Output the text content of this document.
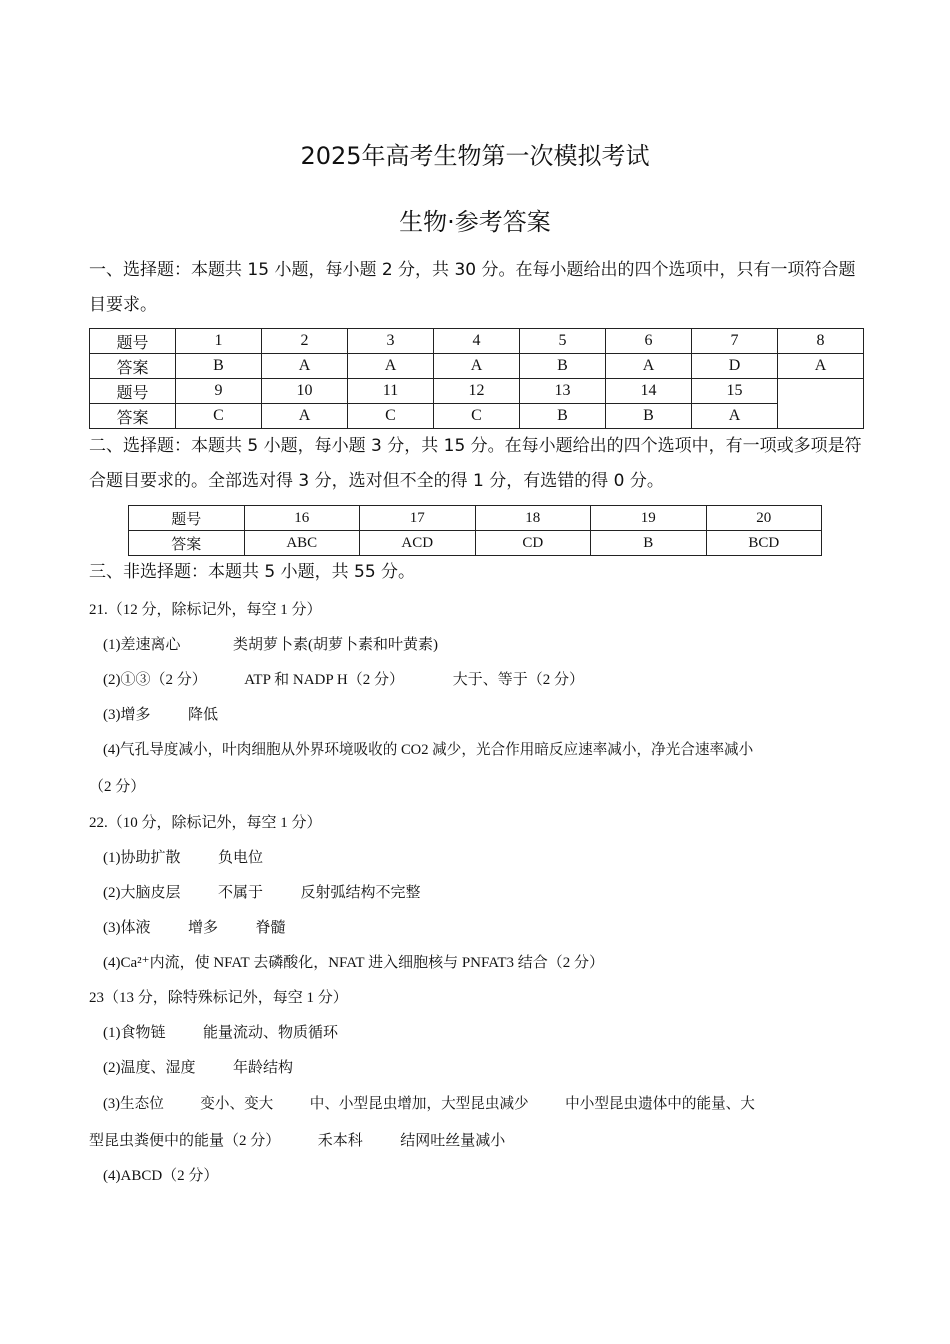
2025年高考生物第一次模拟考试
生物·参考答案
一、选择题：本题共 15 小题，每小题 2 分，共 30 分。在每小题给出的四个选项中，只有一项符合题目要求。
题号	1	2	3	4	5	6	7	8
答案	B	A	A	A	B	A	D	A
题号	9	10	11	12	13	14	15	
答案	C	A	C	C	B	B	A	
二、选择题：本题共 5 小题，每小题 3 分，共 15 分。在每小题给出的四个选项中，有一项或多项是符合题目要求的。全部选对得 3 分，选对但不全的得 1 分，有选错的得 0 分。
题号	16	17	18	19	20
答案	ABC	ACD	CD	B	BCD
三、非选择题：本题共 5 小题，共 55 分。
21.（12 分，除标记外，每空 1 分）
(1)差速离心              类胡萝卜素(胡萝卜素和叶黄素)
(2)①③（2 分）          ATP 和 NADP H（2 分）             大于、等于（2 分）
(3)增多          降低
(4)气孔导度减小，叶肉细胞从外界环境吸收的 CO2 减少，光合作用暗反应速率减小，净光合速率减小
（2 分）
22.（10 分，除标记外，每空 1 分）
(1)协助扩散          负电位
(2)大脑皮层          不属于          反射弧结构不完整
(3)体液          增多          脊髓
(4)Ca²⁺内流，使 NFAT 去磷酸化，NFAT 进入细胞核与 PNFAT3 结合（2 分）
23（13 分，除特殊标记外，每空 1 分）
(1)食物链          能量流动、物质循环
(2)温度、湿度          年龄结构
(3)生态位          变小、变大          中、小型昆虫增加，大型昆虫减少          中小型昆虫遗体中的能量、大
型昆虫粪便中的能量（2 分）          禾本科          结网吐丝量减小
(4)ABCD（2 分）
